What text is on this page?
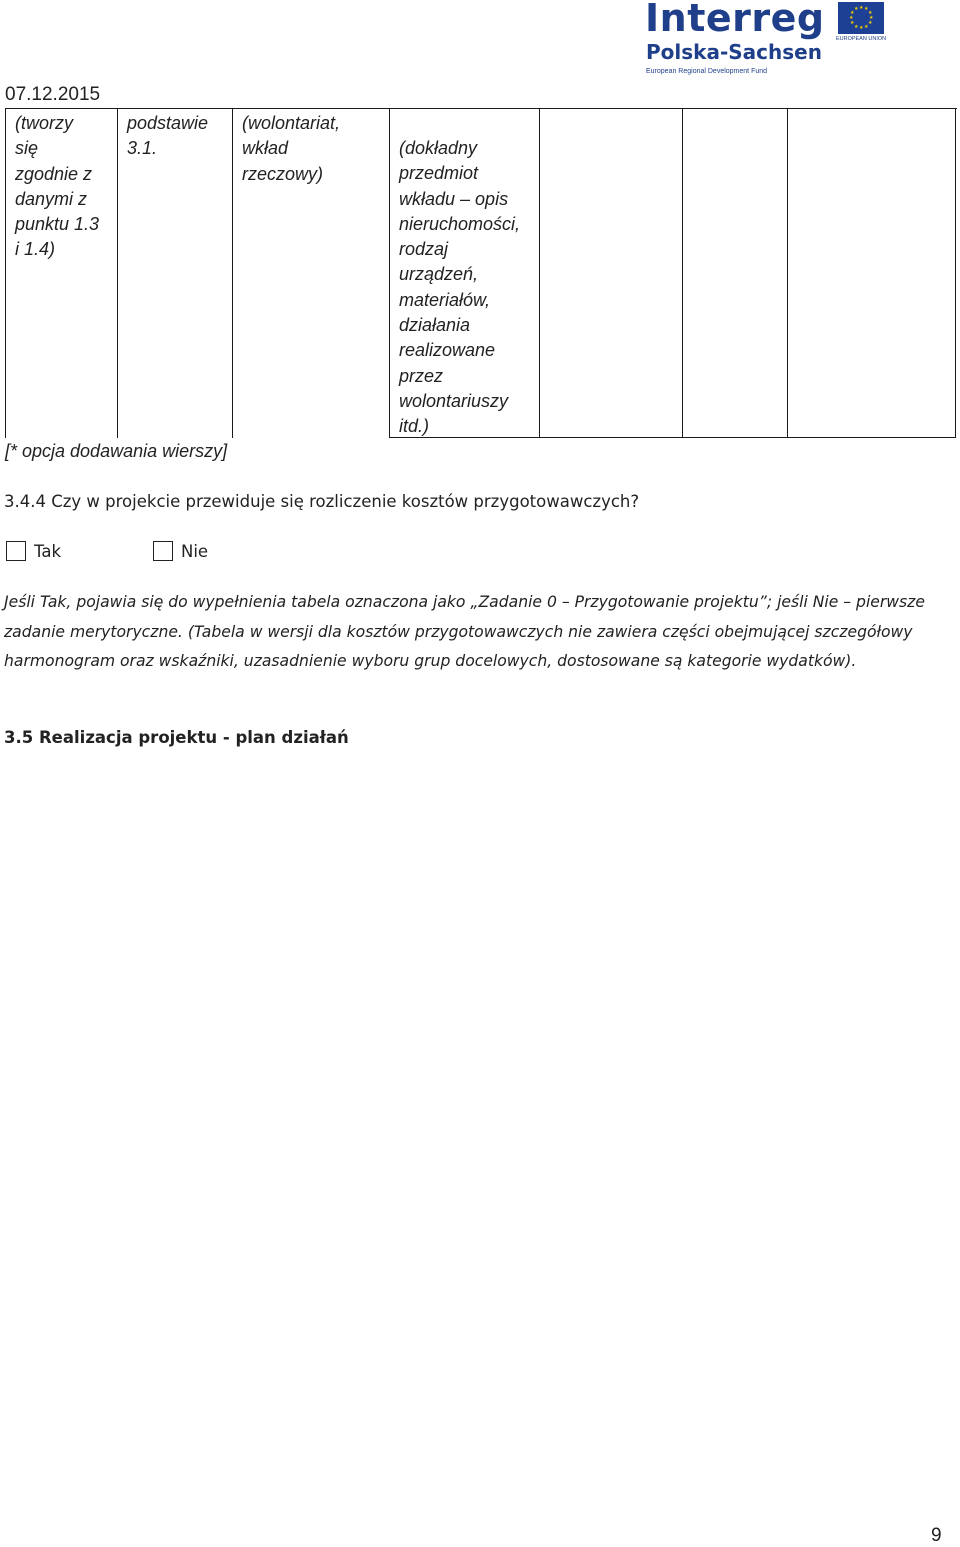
07.12.2015
Interreg
Polska-Sachsen
European Regional Development Fund
★ ★
★
★
★
★
★
★
★
★
★
★
EUROPEAN UNION
(tworzy
się
zgodnie z
danymi z
punktu 1.3
i 1.4)
podstawie
3.1.
(wolontariat,
wkład
rzeczowy)
(dokładny
przedmiot
wkładu – opis
nieruchomości,
rodzaj
urządzeń,
materiałów,
działania
realizowane
przez
wolontariuszy
itd.)
[* opcja dodawania wierszy]
3.4.4 Czy w projekcie przewiduje się rozliczenie kosztów przygotowawczych?
Tak	Nie
Jeśli Tak, pojawia się do wypełnienia tabela oznaczona jako „Zadanie 0 – Przygotowanie projektu”; jeśli Nie – pierwsze zadanie merytoryczne. (Tabela w wersji dla kosztów przygotowawczych nie zawiera części obejmującej szczegółowy harmonogram oraz wskaźniki, uzasadnienie wyboru grup docelowych, dostosowane są kategorie wydatków).
3.5 Realizacja projektu - plan działań
9
